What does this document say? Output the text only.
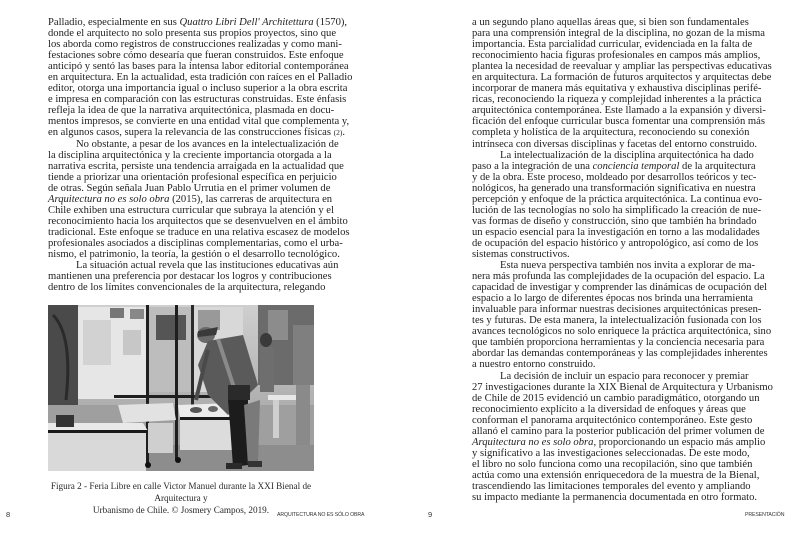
Palladio, especialmente en sus Quattro Libri Dell' Architettura (1570),
donde el arquitecto no solo presenta sus propios proyectos, sino que
los aborda como registros de construcciones realizadas y como mani-
festaciones sobre cómo desearía que fueran construidos. Este enfoque
anticipó y sentó las bases para la intensa labor editorial contemporánea
en arquitectura. En la actualidad, esta tradición con raíces en el Palladio
editor, otorga una importancia igual o incluso superior a la obra escrita
e impresa en comparación con las estructuras construidas. Este énfasis
refleja la idea de que la narrativa arquitectónica, plasmada en docu-
mentos impresos, se convierte en una entidad vital que complementa y,
en algunos casos, supera la relevancia de las construcciones físicas (2).

No obstante, a pesar de los avances en la intelectualización de
la disciplina arquitectónica y la creciente importancia otorgada a la
narrativa escrita, persiste una tendencia arraigada en la actualidad que
tiende a priorizar una orientación profesional específica en perjuicio
de otras. Según señala Juan Pablo Urrutia en el primer volumen de
Arquitectura no es solo obra (2015), las carreras de arquitectura en
Chile exhiben una estructura curricular que subraya la atención y el
reconocimiento hacia los arquitectos que se desenvuelven en el ámbito
tradicional. Este enfoque se traduce en una relativa escasez de modelos
profesionales asociados a disciplinas complementarias, como el urba-
nismo, el patrimonio, la teoría, la gestión o el desarrollo tecnológico.

La situación actual revela que las instituciones educativas aún
mantienen una preferencia por destacar los logros y contribuciones
dentro de los límites convencionales de la arquitectura, relegando

Figura 2 - Feria Libre en calle Victor Manuel durante la XXI Bienal de Arquitectura y
Urbanismo de Chile. © Josmery Campos, 2019.
8	ARQUITECTURA NO ES SÓLO OBRA

a un segundo plano aquellas áreas que, si bien son fundamentales
para una comprensión integral de la disciplina, no gozan de la misma
importancia. Esta parcialidad curricular, evidenciada en la falta de
reconocimiento hacia figuras profesionales en campos más amplios,
plantea la necesidad de reevaluar y ampliar las perspectivas educativas
en arquitectura. La formación de futuros arquitectos y arquitectas debe
incorporar de manera más equitativa y exhaustiva disciplinas perifé-
ricas, reconociendo la riqueza y complejidad inherentes a la práctica
arquitectónica contemporánea. Este llamado a la expansión y diversi-
ficación del enfoque curricular busca fomentar una comprensión más
completa y holística de la arquitectura, reconociendo su conexión
intrínseca con diversas disciplinas y facetas del entorno construido.

La intelectualización de la disciplina arquitectónica ha dado
paso a la integración de una conciencia temporal de la arquitectura
y de la obra. Este proceso, moldeado por desarrollos teóricos y tec-
nológicos, ha generado una transformación significativa en nuestra
percepción y enfoque de la práctica arquitectónica. La continua evo-
lución de las tecnologías no solo ha simplificado la creación de nue-
vas formas de diseño y construcción, sino que también ha brindado
un espacio esencial para la investigación en torno a las modalidades
de ocupación del espacio histórico y antropológico, así como de los
sistemas constructivos.

Esta nueva perspectiva también nos invita a explorar de ma-
nera más profunda las complejidades de la ocupación del espacio. La
capacidad de investigar y comprender las dinámicas de ocupación del
espacio a lo largo de diferentes épocas nos brinda una herramienta
invaluable para informar nuestras decisiones arquitectónicas presen-
tes y futuras. De esta manera, la intelectualización fusionada con los
avances tecnológicos no solo enriquece la práctica arquitectónica, sino
que también proporciona herramientas y la conciencia necesaria para
abordar las demandas contemporáneas y las complejidades inherentes
a nuestro entorno construido.

La decisión de incluir un espacio para reconocer y premiar
27 investigaciones durante la XIX Bienal de Arquitectura y Urbanismo
de Chile de 2015 evidenció un cambio paradigmático, otorgando un
reconocimiento explícito a la diversidad de enfoques y áreas que
conforman el panorama arquitectónico contemporáneo. Este gesto
allanó el camino para la posterior publicación del primer volumen de
Arquitectura no es solo obra, proporcionando un espacio más amplio
y significativo a las investigaciones seleccionadas. De este modo,
el libro no solo funciona como una recopilación, sino que también
actúa como una extensión enriquecedora de la muestra de la Bienal,
trascendiendo las limitaciones temporales del evento y ampliando
su impacto mediante la permanencia documentada en otro formato.

9	PRESENTACIÓN
